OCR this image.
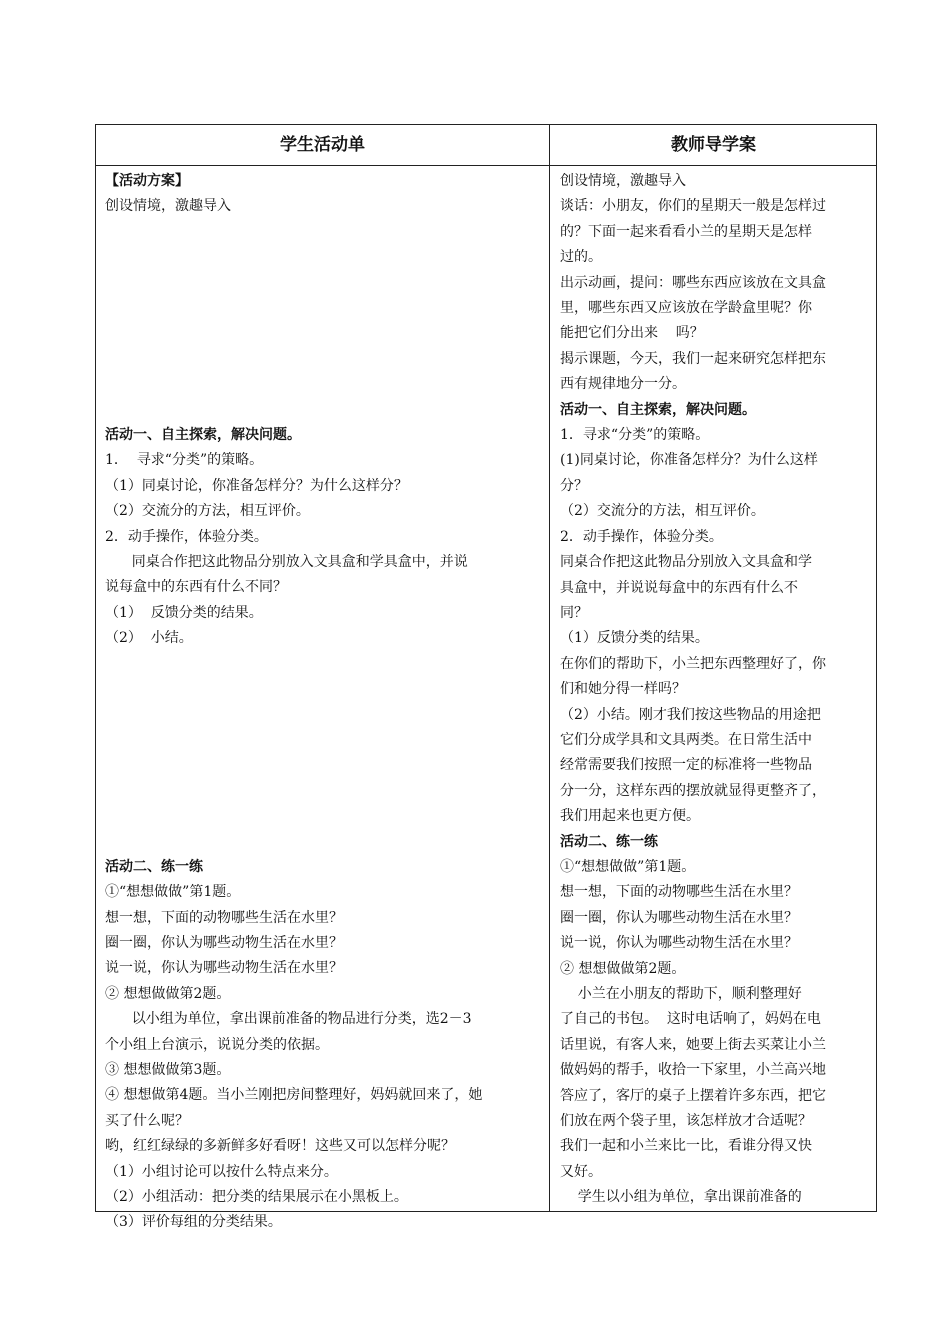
学生活动单	教师导学案
【活动方案】
创设情境，激趣导入
活动一、自主探索，解决问题。
1．  寻求“分类”的策略。
（1）同桌讨论，你准备怎样分？为什么这样分？
（2）交流分的方法，相互评价。
2．动手操作，体验分类。
同桌合作把这此物品分别放入文具盒和学具盒中，并说
说每盒中的东西有什么不同？
（1）  反馈分类的结果。
（2）  小结。
活动二、练一练
①“想想做做”第1题。
想一想，下面的动物哪些生活在水里？
圈一圈，你认为哪些动物生活在水里？
说一说，你认为哪些动物生活在水里？
② 想想做做第2题。
以小组为单位，拿出课前准备的物品进行分类，选2－3
个小组上台演示，说说分类的依据。
③ 想想做做第3题。
④ 想想做第4题。当小兰刚把房间整理好，妈妈就回来了，她
买了什么呢？
哟，红红绿绿的多新鲜多好看呀！这些又可以怎样分呢？
（1）小组讨论可以按什么特点来分。
（2）小组活动：把分类的结果展示在小黑板上。
（3）评价每组的分类结果。
创设情境，激趣导入
谈话：小朋友，你们的星期天一般是怎样过
的？下面一起来看看小兰的星期天是怎样
过的。
出示动画，提问：哪些东西应该放在文具盒
里，哪些东西又应该放在学龄盒里呢？你
能把它们分出来    吗？
揭示课题，今天，我们一起来研究怎样把东
西有规律地分一分。
活动一、自主探索，解决问题。
1．寻求“分类”的策略。
(1)同桌讨论，你准备怎样分？为什么这样
分？
（2）交流分的方法，相互评价。
2．动手操作，体验分类。
同桌合作把这此物品分别放入文具盒和学
具盒中，并说说每盒中的东西有什么不
同？
（1）反馈分类的结果。
在你们的帮助下，小兰把东西整理好了，你
们和她分得一样吗？
（2）小结。刚才我们按这些物品的用途把
它们分成学具和文具两类。在日常生活中
经常需要我们按照一定的标准将一些物品
分一分，这样东西的摆放就显得更整齐了，
我们用起来也更方便。
活动二、练一练
①“想想做做”第1题。
想一想，下面的动物哪些生活在水里？
圈一圈，你认为哪些动物生活在水里？
说一说，你认为哪些动物生活在水里？
② 想想做做第2题。
小兰在小朋友的帮助下，顺利整理好
了自己的书包。  这时电话响了，妈妈在电
话里说，有客人来，她要上街去买菜让小兰
做妈妈的帮手，收拾一下家里，小兰高兴地
答应了，客厅的桌子上摆着许多东西，把它
们放在两个袋子里，该怎样放才合适呢？
我们一起和小兰来比一比，看谁分得又快
又好。
学生以小组为单位，拿出课前准备的
